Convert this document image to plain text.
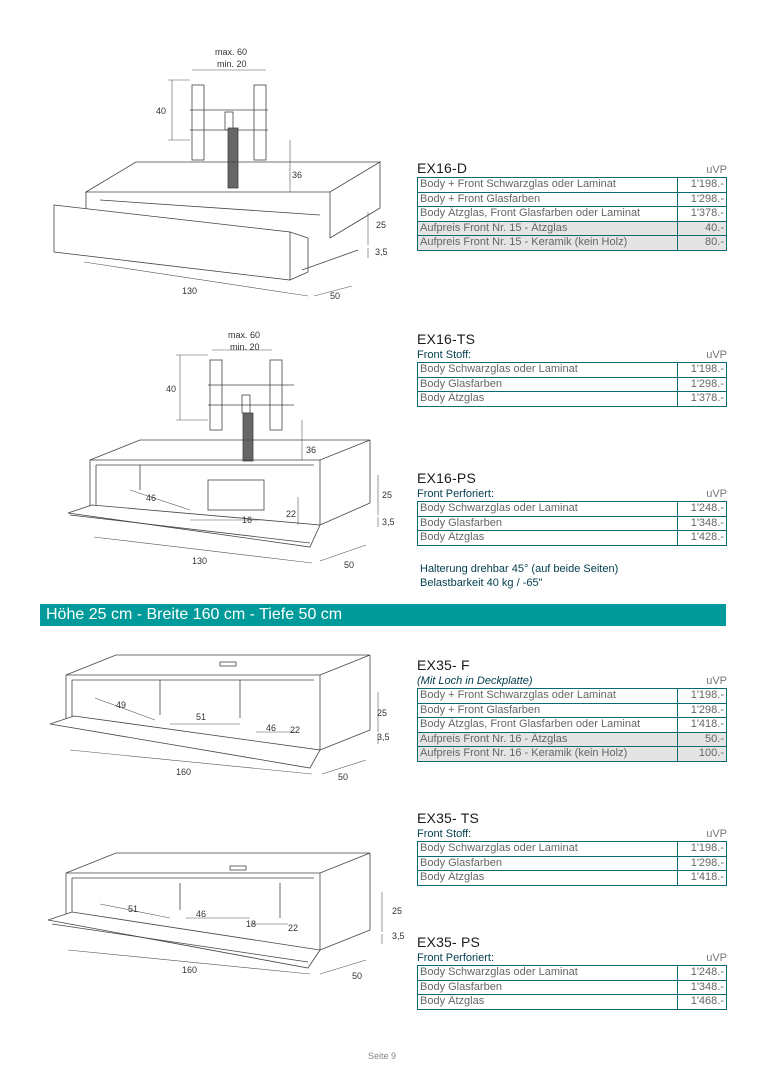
max. 60
min. 20
40
36
25
3,5
130	50
max. 60
min. 20
40
36
46
16
22
25
3,5
130	50
49
51
46 22
25
3,5
160	50
51	46
18	22
25
3,5
160
50
EX16-D	uVP
Body + Front Schwarzglas oder Laminat	1'198.-
Body + Front Glasfarben	1'298.-
Body Ätzglas, Front Glasfarben oder Laminat	1'378.-
Aufpreis Front Nr. 15 - Ätzglas	40.-
Aufpreis Front Nr. 15 - Keramik (kein Holz)	80.-
EX16-TS
Front Stoff:	uVP
Body Schwarzglas oder Laminat	1'198.-
Body Glasfarben	1'298.-
Body Ätzglas	1'378.-
EX16-PS
Front Perforiert:	uVP
Body Schwarzglas oder Laminat	1'248.-
Body Glasfarben	1'348.-
Body Ätzglas	1'428.-
Halterung drehbar 45° (auf beide Seiten)
Belastbarkeit 40 kg / -65"
Höhe 25 cm - Breite 160 cm - Tiefe 50 cm
EX35- F
(Mit Loch in Deckplatte)	uVP
Body + Front Schwarzglas oder Laminat	1'198.-
Body + Front Glasfarben	1'298.-
Body Ätzglas, Front Glasfarben oder Laminat	1'418.-
Aufpreis Front Nr. 16 - Ätzglas	50.-
Aufpreis Front Nr. 16 - Keramik (kein Holz)	100.-
EX35- TS
Front Stoff:	uVP
Body Schwarzglas oder Laminat	1'198.-
Body Glasfarben	1'298.-
Body Ätzglas	1'418.-
EX35- PS
Front Perforiert:	uVP
Body Schwarzglas oder Laminat	1'248.-
Body Glasfarben	1'348.-
Body Ätzglas	1'468.-
Seite 9
